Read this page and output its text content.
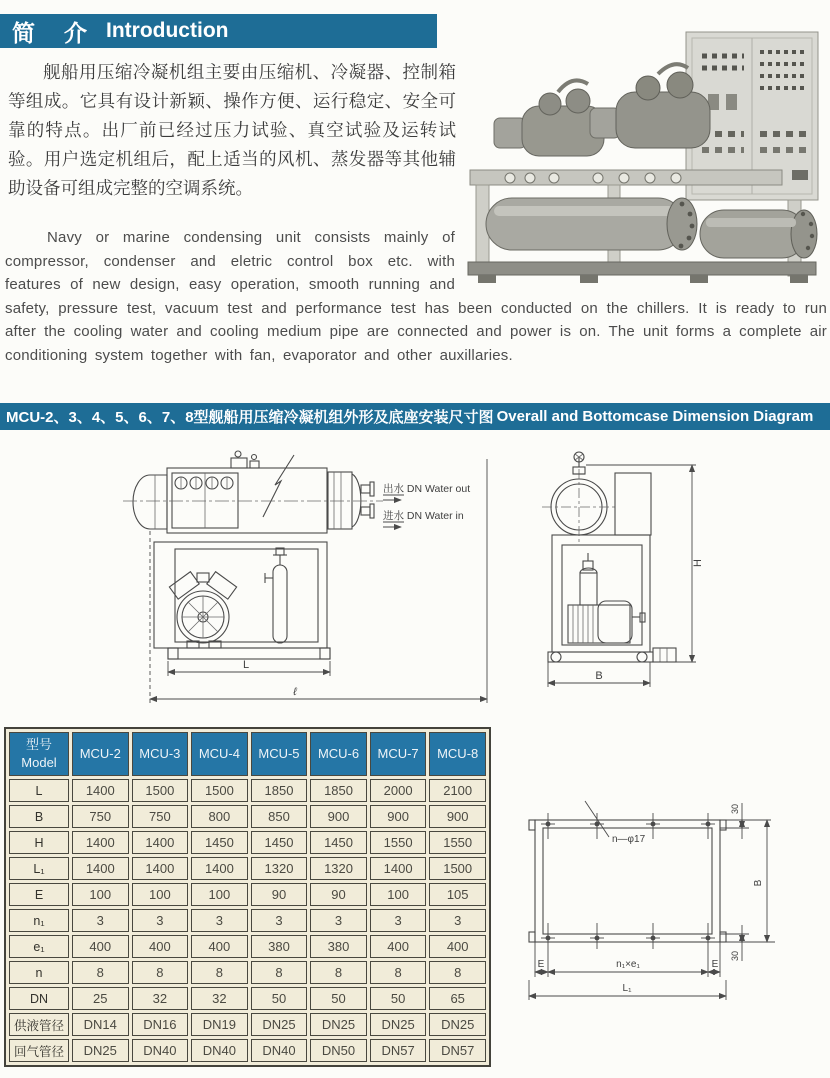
简　介 Introduction

舰船用压缩冷凝机组主要由压缩机、冷凝器、控制箱等组成。它具有设计新颖、操作方便、运行稳定、安全可靠的特点。出厂前已经过压力试验、真空试验及运转试验。用户选定机组后，配上适当的风机、蒸发器等其他辅助设备可组成完整的空调系统。

Navy or marine condensing unit consists mainly of compressor, condenser and eletric control box etc. with features of new design, easy operation, smooth running and safety, pressure test, vacuum test and performance test has been conducted on the chillers. It is ready to run after the cooling water and cooling medium pipe are connected and power is on. The unit forms a complete air conditioning system together with fan, evaporator and other auxillaries.

MCU-2、3、4、5、6、7、8型舰船用压缩冷凝机组外形及底座安装尺寸图 Overall and Bottomcase Dimension Diagram
出水 DN Water out
进水 DN Water in
L
ℓ
H
B
n—φ17
30
B
30
E	n₁×e₁	E
L₁
型号
Model	MCU-2	MCU-3	MCU-4	MCU-5	MCU-6	MCU-7	MCU-8
L	1400	1500	1500	1850	1850	2000	2100
B	750	750	800	850	900	900	900
H	1400	1400	1450	1450	1450	1550	1550
L₁	1400	1400	1400	1320	1320	1400	1500
E	100	100	100	90	90	100	105
n₁	3	3	3	3	3	3	3
e₁	400	400	400	380	380	400	400
n	8	8	8	8	8	8	8
DN	25	32	32	50	50	50	65
供液管径	DN14	DN16	DN19	DN25	DN25	DN25	DN25
回气管径	DN25	DN40	DN40	DN40	DN50	DN57	DN57
